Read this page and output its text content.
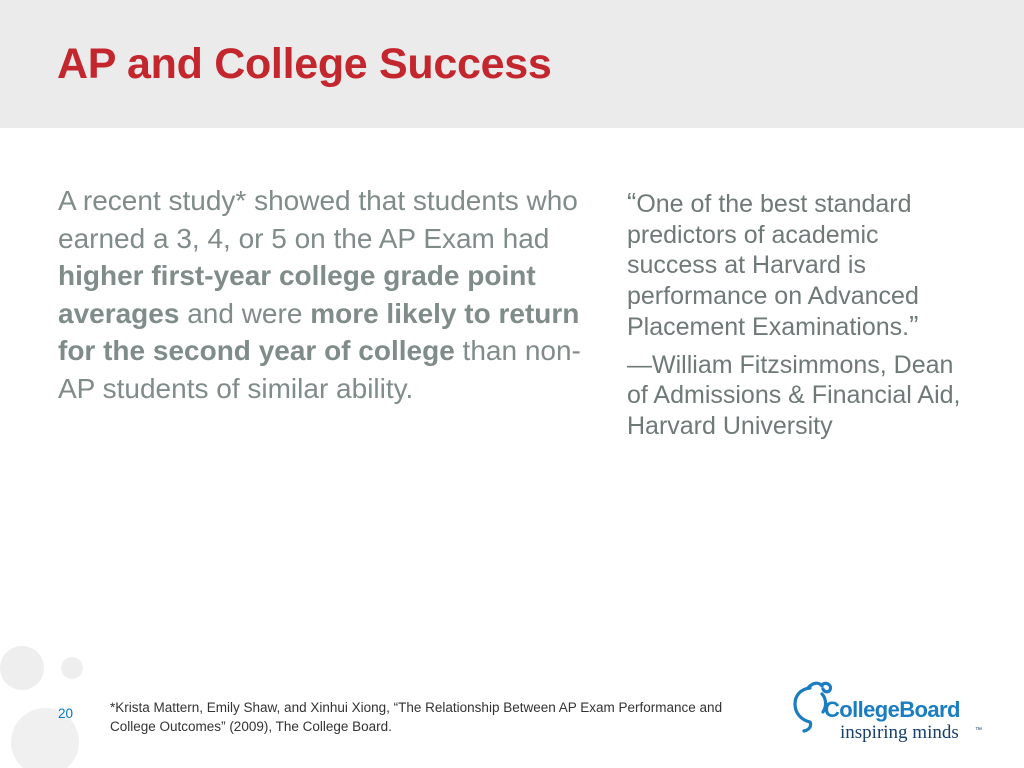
AP and College Success
A recent study* showed that students who earned a 3, 4, or 5 on the AP Exam had higher first-year college grade point averages and were more likely to return for the second year of college than non-AP students of similar ability.

“One of the best standard predictors of academic success at Harvard is performance on Advanced Placement Examinations.”

—William Fitzsimmons, Dean of Admissions & Financial Aid, Harvard University
20	*Krista Mattern, Emily Shaw, and Xinhui Xiong, “The Relationship Between AP Exam Performance and College Outcomes” (2009), The College Board.
CollegeBoard
inspiring minds ™
